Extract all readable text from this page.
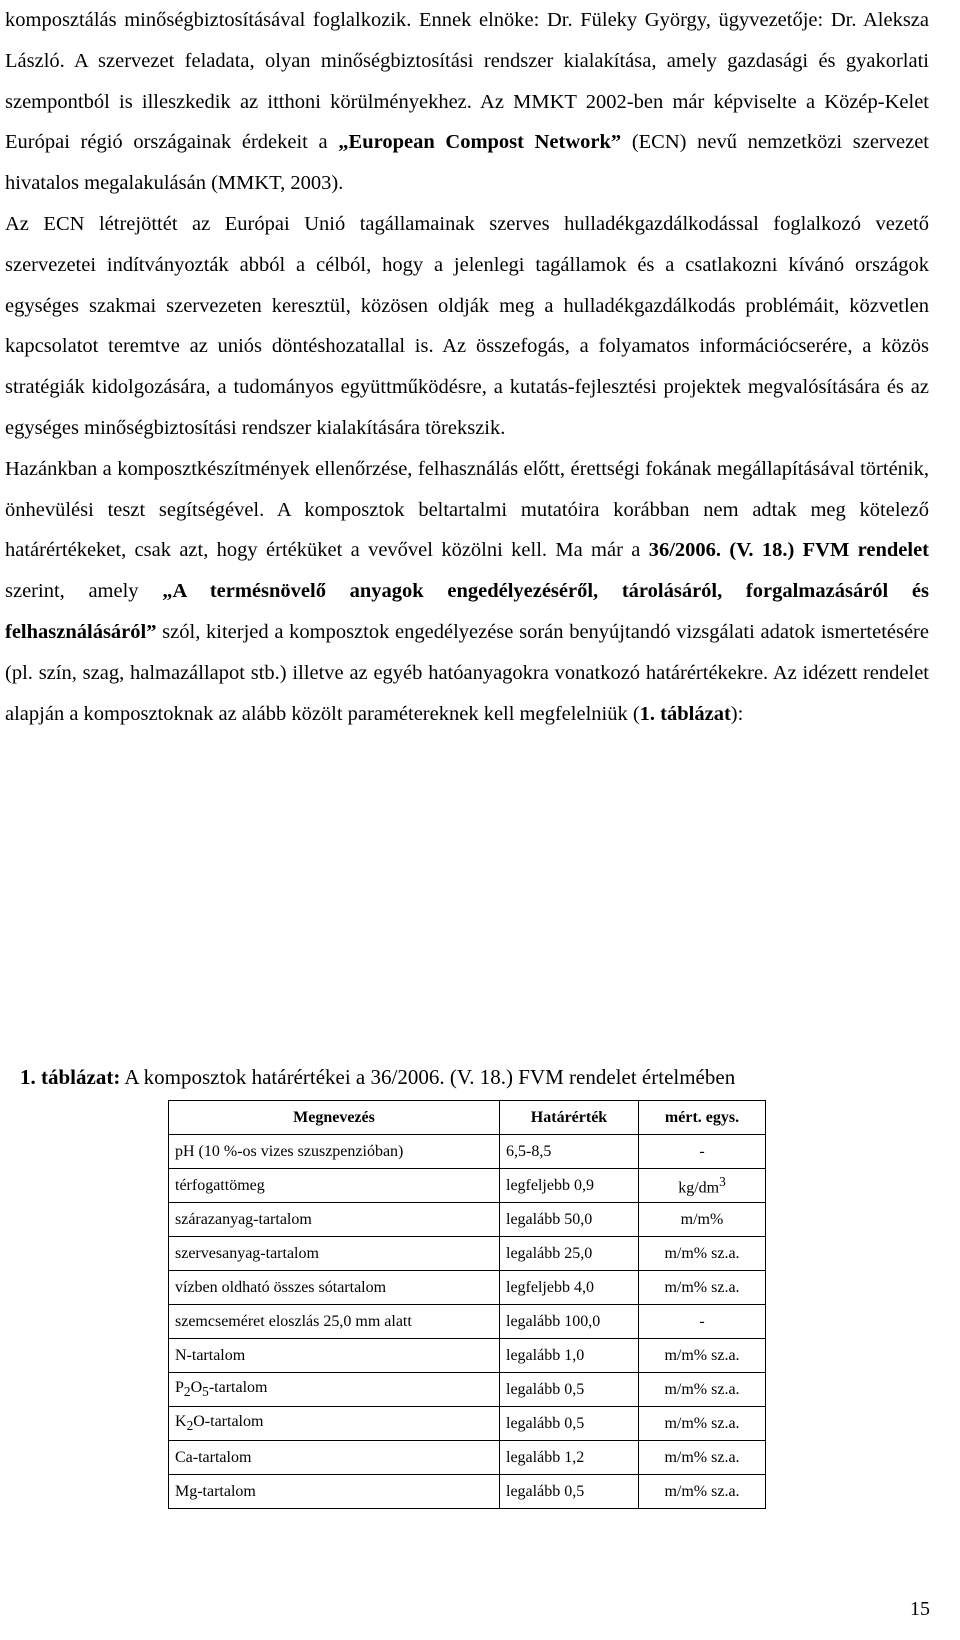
komposztálás minőségbiztosításával foglalkozik. Ennek elnöke: Dr. Füleky György, ügyvezetője: Dr. Aleksza László. A szervezet feladata, olyan minőségbiztosítási rendszer kialakítása, amely gazdasági és gyakorlati szempontból is illeszkedik az itthoni körülményekhez. Az MMKT 2002-ben már képviselte a Közép-Kelet Európai régió országainak érdekeit a „European Compost Network” (ECN) nevű nemzetközi szervezet hivatalos megalakulásán (MMKT, 2003).

Az ECN létrejöttét az Európai Unió tagállamainak szerves hulladékgazdálkodással foglalkozó vezető szervezetei indítványozták abból a célból, hogy a jelenlegi tagállamok és a csatlakozni kívánó országok egységes szakmai szervezeten keresztül, közösen oldják meg a hulladékgazdálkodás problémáit, közvetlen kapcsolatot teremtve az uniós döntéshozatallal is. Az összefogás, a folyamatos információcserére, a közös stratégiák kidolgozására, a tudományos együttműködésre, a kutatás-fejlesztési projektek megvalósítására és az egységes minőségbiztosítási rendszer kialakítására törekszik.

Hazánkban a komposztkészítmények ellenőrzése, felhasználás előtt, érettségi fokának megállapításával történik, önhevülési teszt segítségével. A komposztok beltartalmi mutatóira korábban nem adtak meg kötelező határértékeket, csak azt, hogy értéküket a vevővel közölni kell. Ma már a 36/2006. (V. 18.) FVM rendelet szerint, amely „A termésnövelő anyagok engedélyezéséről, tárolásáról, forgalmazásáról és felhasználásáról” szól, kiterjed a komposztok engedélyezése során benyújtandó vizsgálati adatok ismertetésére (pl. szín, szag, halmazállapot stb.) illetve az egyéb hatóanyagokra vonatkozó határértékekre. Az idézett rendelet alapján a komposztoknak az alább közölt paramétereknek kell megfelelniük (1. táblázat):

1. táblázat: A komposztok határértékei a 36/2006. (V. 18.) FVM rendelet értelmében
Megnevezés	Határérték	mért. egys.
pH (10 %-os vizes szuszpenzióban)	6,5-8,5	-
térfogattömeg	legfeljebb 0,9	$kg/dm^3$
szárazanyag-tartalom	legalább 50,0	m/m%
szervesanyag-tartalom	legalább 25,0	m/m% sz.a.
vízben oldható összes sótartalom	legfeljebb 4,0	m/m% sz.a.
szemcseméret eloszlás 25,0 mm alatt	legalább 100,0	-
N-tartalom	legalább 1,0	m/m% sz.a.
$P_2O_5$-tartalom	legalább 0,5	m/m% sz.a.
$K_2O$-tartalom	legalább 0,5	m/m% sz.a.
Ca-tartalom	legalább 1,2	m/m% sz.a.
Mg-tartalom	legalább 0,5	m/m% sz.a.
15
